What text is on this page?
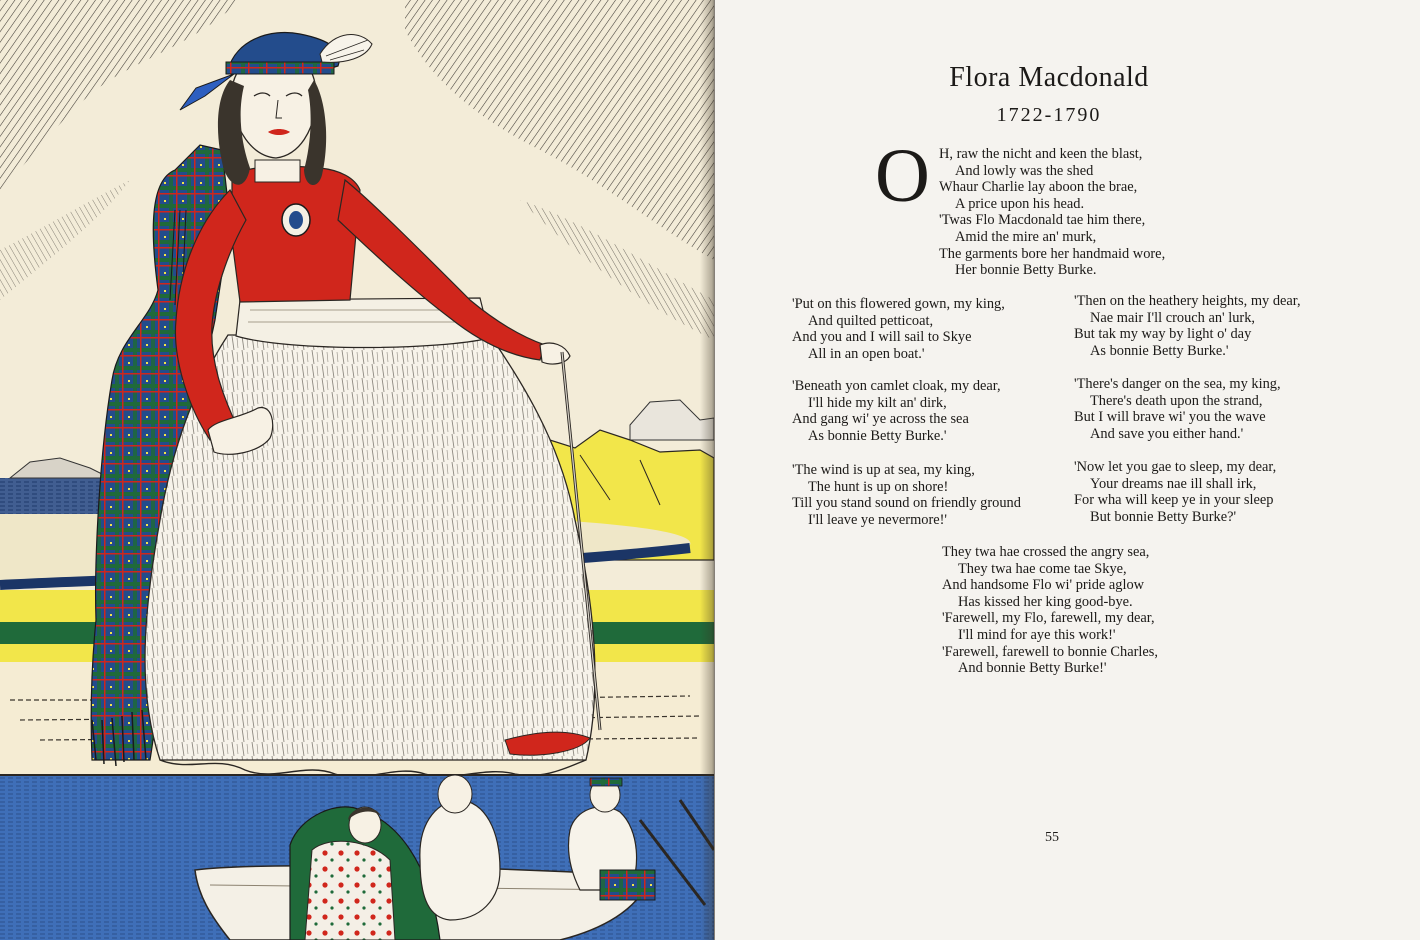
Flora Macdonald
1722-1790
O H, raw the nicht and keen the blast,
And lowly was the shed
Whaur Charlie lay aboon the brae,
A price upon his head.
'Twas Flo Macdonald tae him there,
Amid the mire an' murk,
The garments bore her handmaid wore,
Her bonnie Betty Burke.
'Put on this flowered gown, my king,
And quilted petticoat,
And you and I will sail to Skye
All in an open boat.'
'Beneath yon camlet cloak, my dear,
I'll hide my kilt an' dirk,
And gang wi' ye across the sea
As bonnie Betty Burke.'
'The wind is up at sea, my king,
The hunt is up on shore!
Till you stand sound on friendly ground
I'll leave ye nevermore!'
'Then on the heathery heights, my dear,
Nae mair I'll crouch an' lurk,
But tak my way by light o' day
As bonnie Betty Burke.'
'There's danger on the sea, my king,
There's death upon the strand,
But I will brave wi' you the wave
And save you either hand.'
'Now let you gae to sleep, my dear,
Your dreams nae ill shall irk,
For wha will keep ye in your sleep
But bonnie Betty Burke?'
They twa hae crossed the angry sea,
They twa hae come tae Skye,
And handsome Flo wi' pride aglow
Has kissed her king good-bye.
'Farewell, my Flo, farewell, my dear,
I'll mind for aye this work!'
'Farewell, farewell to bonnie Charles,
And bonnie Betty Burke!'
55
